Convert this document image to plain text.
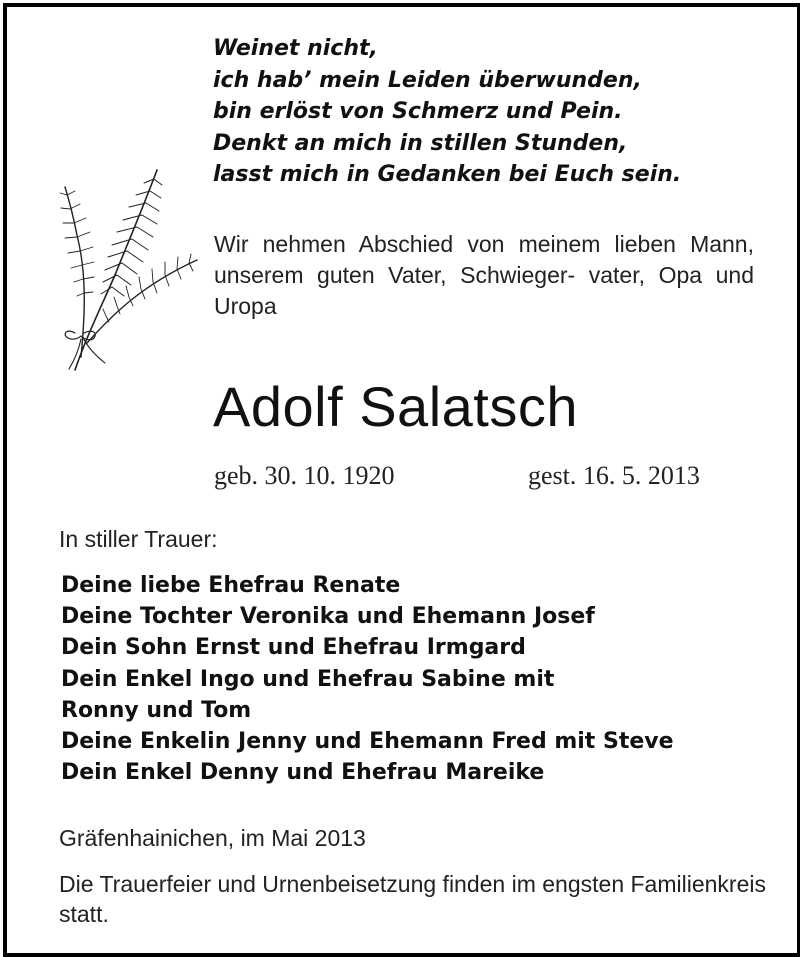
Weinet nicht,
ich hab’ mein Leiden überwunden,
bin erlöst von Schmerz und Pein.
Denkt an mich in stillen Stunden,
lasst mich in Gedanken bei Euch sein.
Wir nehmen Abschied von meinem lieben Mann, unserem guten Vater, Schwieger- vater, Opa und Uropa
Adolf Salatsch
geb. 30. 10. 1920	gest. 16. 5. 2013
In stiller Trauer:
Deine liebe Ehefrau Renate
Deine Tochter Veronika und Ehemann Josef
Dein Sohn Ernst und Ehefrau Irmgard
Dein Enkel Ingo und Ehefrau Sabine mit
Ronny und Tom
Deine Enkelin Jenny und Ehemann Fred mit Steve
Dein Enkel Denny und Ehefrau Mareike
Gräfenhainichen, im Mai 2013
Die Trauerfeier und Urnenbeisetzung finden im engsten Familienkreis statt.
